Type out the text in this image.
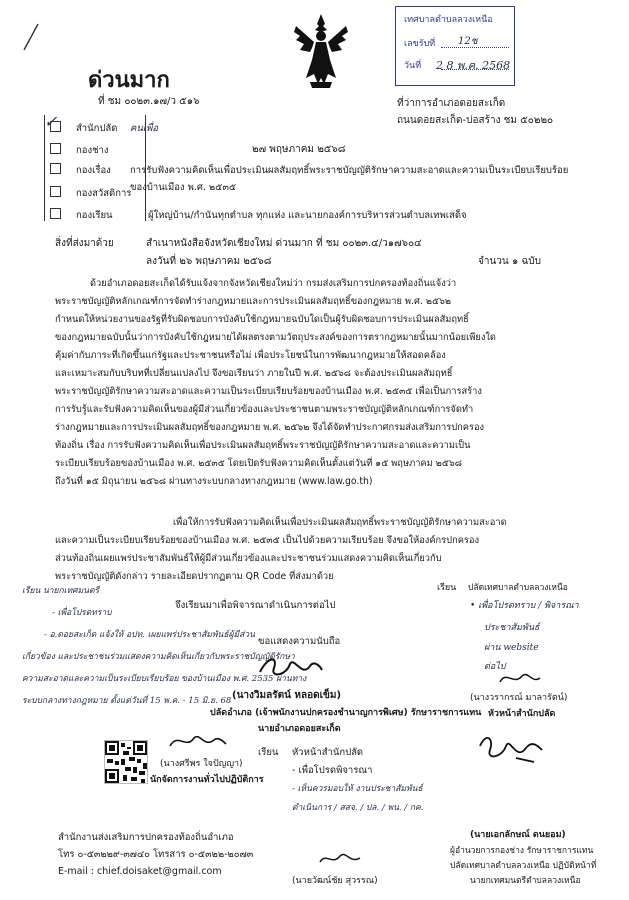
เทศบาลตำบลลวงเหนือ
เลขรับที่ 12ช
วันที่ 2 8 พ.ค. 2568
ด่วนมาก
ที่ ชม ๐๐๒๓.๑๗/ว ๕๑๖	ที่ว่าการอำเภอดอยสะเก็ด
ถนนดอยสะเก็ด-บ่อสร้าง ชม ๕๐๒๒๐
๒๗ พฤษภาคม ๒๕๖๘
✓ สำนักปลัด คนเพื่อ
กองช่าง
กองเรื่อง
กองสวัสดิการ
กองเรียน
การรับฟังความคิดเห็นเพื่อประเมินผลสัมฤทธิ์พระราชบัญญัติรักษาความสะอาดและความเป็นระเบียบเรียบร้อย
ของบ้านเมือง พ.ศ. ๒๕๓๕
ผู้ใหญ่บ้าน/กำนันทุกตำบล ทุกแห่ง และนายกองค์การบริหารส่วนตำบลเทพเสด็จ
สิ่งที่ส่งมาด้วย	สำเนาหนังสือจังหวัดเชียงใหม่ ด่วนมาก ที่ ชม ๐๐๒๓.๔/ว๑๗๖๐๔
ลงวันที่ ๒๖ พฤษภาคม ๒๕๖๘	จำนวน ๑ ฉบับ
ด้วยอำเภอดอยสะเก็ดได้รับแจ้งจากจังหวัดเชียงใหม่ว่า กรมส่งเสริมการปกครองท้องถิ่นแจ้งว่า
พระราชบัญญัติหลักเกณฑ์การจัดทำร่างกฎหมายและการประเมินผลสัมฤทธิ์ของกฎหมาย พ.ศ. ๒๕๖๒
กำหนดให้หน่วยงานของรัฐที่รับผิดชอบการบังคับใช้กฎหมายฉบับใดเป็นผู้รับผิดชอบการประเมินผลสัมฤทธิ์
ของกฎหมายฉบับนั้นว่าการบังคับใช้กฎหมายได้ผลตรงตามวัตถุประสงค์ของการตรากฎหมายนั้นมากน้อยเพียงใด
คุ้มค่ากับภาระที่เกิดขึ้นแก่รัฐและประชาชนหรือไม่ เพื่อประโยชน์ในการพัฒนากฎหมายให้สอดคล้อง
และเหมาะสมกับบริบทที่เปลี่ยนแปลงไป จึงขอเรียนว่า ภายในปี พ.ศ. ๒๕๖๘ จะต้องประเมินผลสัมฤทธิ์
พระราชบัญญัติรักษาความสะอาดและความเป็นระเบียบเรียบร้อยของบ้านเมือง พ.ศ. ๒๕๓๕ เพื่อเป็นการสร้าง
การรับรู้และรับฟังความคิดเห็นของผู้มีส่วนเกี่ยวข้องและประชาชนตามพระราชบัญญัติหลักเกณฑ์การจัดทำ
ร่างกฎหมายและการประเมินผลสัมฤทธิ์ของกฎหมาย พ.ศ. ๒๕๖๒ จึงได้จัดทำประกาศกรมส่งเสริมการปกครอง
ท้องถิ่น เรื่อง การรับฟังความคิดเห็นเพื่อประเมินผลสัมฤทธิ์พระราชบัญญัติรักษาความสะอาดและความเป็น
ระเบียบเรียบร้อยของบ้านเมือง พ.ศ. ๒๕๓๕ โดยเปิดรับฟังความคิดเห็นตั้งแต่วันที่ ๑๕ พฤษภาคม ๒๕๖๘
ถึงวันที่ ๑๕ มิถุนายน ๒๕๖๘ ผ่านทางระบบกลางทางกฎหมาย (www.law.go.th)
เพื่อให้การรับฟังความคิดเห็นเพื่อประเมินผลสัมฤทธิ์พระราชบัญญัติรักษาความสะอาด
และความเป็นระเบียบเรียบร้อยของบ้านเมือง พ.ศ. ๒๕๓๕ เป็นไปด้วยความเรียบร้อย จึงขอให้องค์กรปกครอง
ส่วนท้องถิ่นเผยแพร่ประชาสัมพันธ์ให้ผู้มีส่วนเกี่ยวข้องและประชาชนร่วมแสดงความคิดเห็นเกี่ยวกับ
พระราชบัญญัติดังกล่าว รายละเอียดปรากฏตาม QR Code ที่ส่งมาด้วย
จึงเรียนมาเพื่อพิจารณาดำเนินการต่อไป
ขอแสดงความนับถือ
เรียน นายกเทศมนตรี
- เพื่อโปรดทราบ
- อ.ดอยสะเก็ด แจ้งให้ อปท. เผยแพร่ประชาสัมพันธ์ผู้มีส่วน
เกี่ยวข้อง และประชาชนร่วมแสดงความคิดเห็นเกี่ยวกับพระราชบัญญัติรักษา
ความสะอาดและความเป็นระเบียบเรียบร้อย ของบ้านเมือง พ.ศ. 2535 ผ่านทาง
ระบบกลางทางกฎหมาย ตั้งแต่วันที่ 15 พ.ค. - 15 มิ.ย. 68 (นางวิมลรัตน์ หลอดเข็ม)
ปลัดอำเภอ (เจ้าพนักงานปกครองชำนาญการพิเศษ) รักษาราชการแทน
นายอำเภอดอยสะเก็ด
(นางศรีพร ใจปัญญา)
นักจัดการงานทั่วไปปฏิบัติการ
สำนักงานส่งเสริมการปกครองท้องถิ่นอำเภอ
โทร ๐-๕๓๒๒๙-๓๗๔๐ โทรสาร ๐-๕๓๒๒-๒๐๗๓
E-mail : chief.doisaket@gmail.com
เรียน หัวหน้าสำนักปลัด
- เพื่อโปรดพิจารณา
- เห็นควรมอบให้ งานประชาสัมพันธ์
ดำเนินการ / สสจ. / ปล. / พน. / กค.
(นายวัฒน์ชัย สุวรรณ)
เรียน ปลัดเทศบาลตำบลลวงเหนือ
• เพื่อโปรดทราบ / พิจารณา
ประชาสัมพันธ์
ผ่าน website
ต่อไป
(นางวรากรณ์ มาลารัตน์)
หัวหน้าสำนักปลัด
(นายเอกลักษณ์ ดนยอม)
ผู้อำนวยการกองช่าง รักษาราชการแทน
ปลัดเทศบาลตำบลลวงเหนือ ปฏิบัติหน้าที่
นายกเทศมนตรีตำบลลวงเหนือ
